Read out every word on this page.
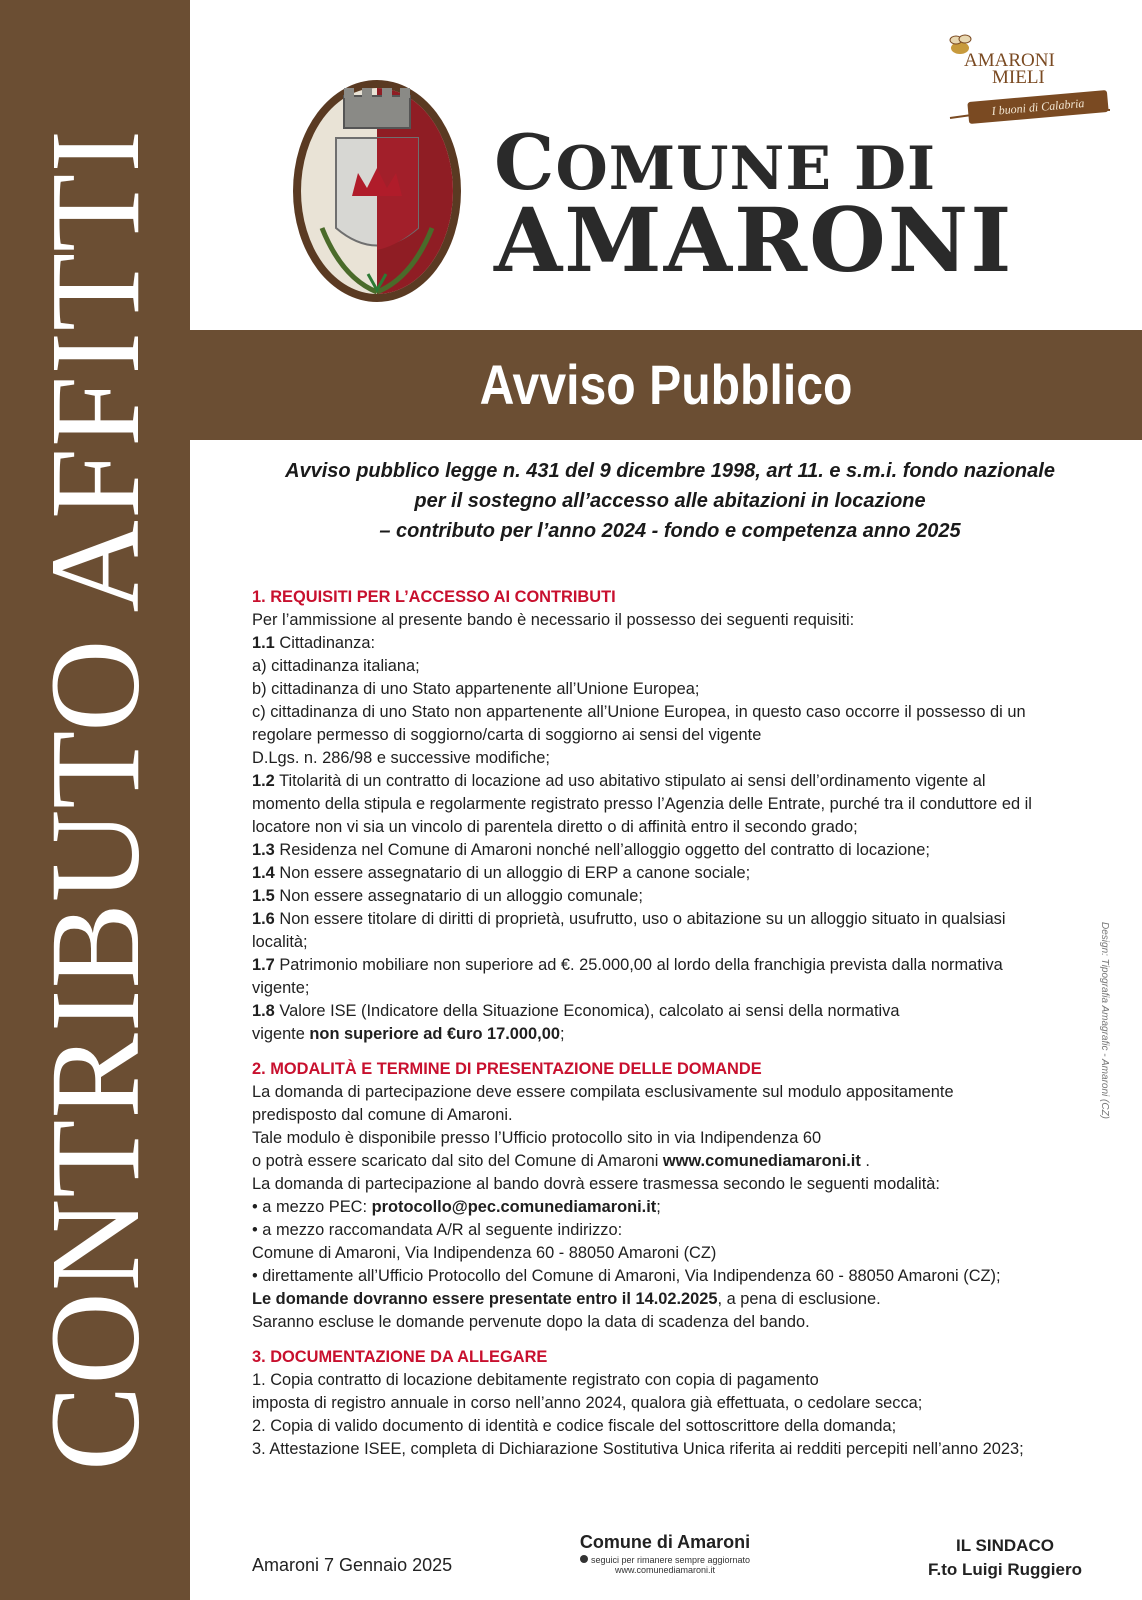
CONTRIBUTO AFFITTI	COMUNE DI
AMARONI
AMARONI
MIELI
I buoni di Calabria
Avviso Pubblico
Avviso pubblico legge n. 431 del 9 dicembre 1998, art 11. e s.m.i. fondo nazionale
per il sostegno all’accesso alle abitazioni in locazione
– contributo per l’anno 2024 - fondo e competenza anno 2025

1. REQUISITI PER L’ACCESSO AI CONTRIBUTI

Per l’ammissione al presente bando è necessario il possesso dei seguenti requisiti:

1.1 Cittadinanza:

a) cittadinanza italiana;

b) cittadinanza di uno Stato appartenente all’Unione Europea;

c) cittadinanza di uno Stato non appartenente all’Unione Europea, in questo caso occorre il possesso di un

regolare permesso di soggiorno/carta di soggiorno ai sensi del vigente

D.Lgs. n. 286/98 e successive modifiche;

1.2 Titolarità di un contratto di locazione ad uso abitativo stipulato ai sensi dell’ordinamento vigente al

momento della stipula e regolarmente registrato presso l’Agenzia delle Entrate, purché tra il conduttore ed il

locatore non vi sia un vincolo di parentela diretto o di affinità entro il secondo grado;

1.3 Residenza nel Comune di Amaroni nonché nell’alloggio oggetto del contratto di locazione;

1.4 Non essere assegnatario di un alloggio di ERP a canone sociale;

1.5 Non essere assegnatario di un alloggio comunale;

1.6 Non essere titolare di diritti di proprietà, usufrutto, uso o abitazione su un alloggio situato in qualsiasi

località;

1.7 Patrimonio mobiliare non superiore ad €. 25.000,00 al lordo della franchigia prevista dalla normativa

vigente;

1.8 Valore ISE (Indicatore della Situazione Economica), calcolato ai sensi della normativa

vigente non superiore ad €uro 17.000,00;

2. MODALITÀ E TERMINE DI PRESENTAZIONE DELLE DOMANDE

La domanda di partecipazione deve essere compilata esclusivamente sul modulo appositamente

predisposto dal comune di Amaroni.

Tale modulo è disponibile presso l’Ufficio protocollo sito in via Indipendenza 60

o potrà essere scaricato dal sito del Comune di Amaroni www.comunediamaroni.it .

La domanda di partecipazione al bando dovrà essere trasmessa secondo le seguenti modalità:

• a mezzo PEC: protocollo@pec.comunediamaroni.it;

• a mezzo raccomandata A/R al seguente indirizzo:

Comune di Amaroni, Via Indipendenza 60 - 88050 Amaroni (CZ)

• direttamente all’Ufficio Protocollo del Comune di Amaroni, Via Indipendenza 60 - 88050 Amaroni (CZ);

Le domande dovranno essere presentate entro il 14.02.2025, a pena di esclusione.

Saranno escluse le domande pervenute dopo la data di scadenza del bando.

3. DOCUMENTAZIONE DA ALLEGARE

1. Copia contratto di locazione debitamente registrato con copia di pagamento

imposta di registro annuale in corso nell’anno 2024, qualora già effettuata, o cedolare secca;

2. Copia di valido documento di identità e codice fiscale del sottoscrittore della domanda;

3. Attestazione ISEE, completa di Dichiarazione Sostitutiva Unica riferita ai redditi percepiti nell’anno 2023;

Design: Tipografia Amagrafic - Amaroni (CZ)
Amaroni 7 Gennaio 2025
Comune di Amaroni
seguici per rimanere sempre aggiornato
www.comunediamaroni.it
IL SINDACO
F.to Luigi Ruggiero
